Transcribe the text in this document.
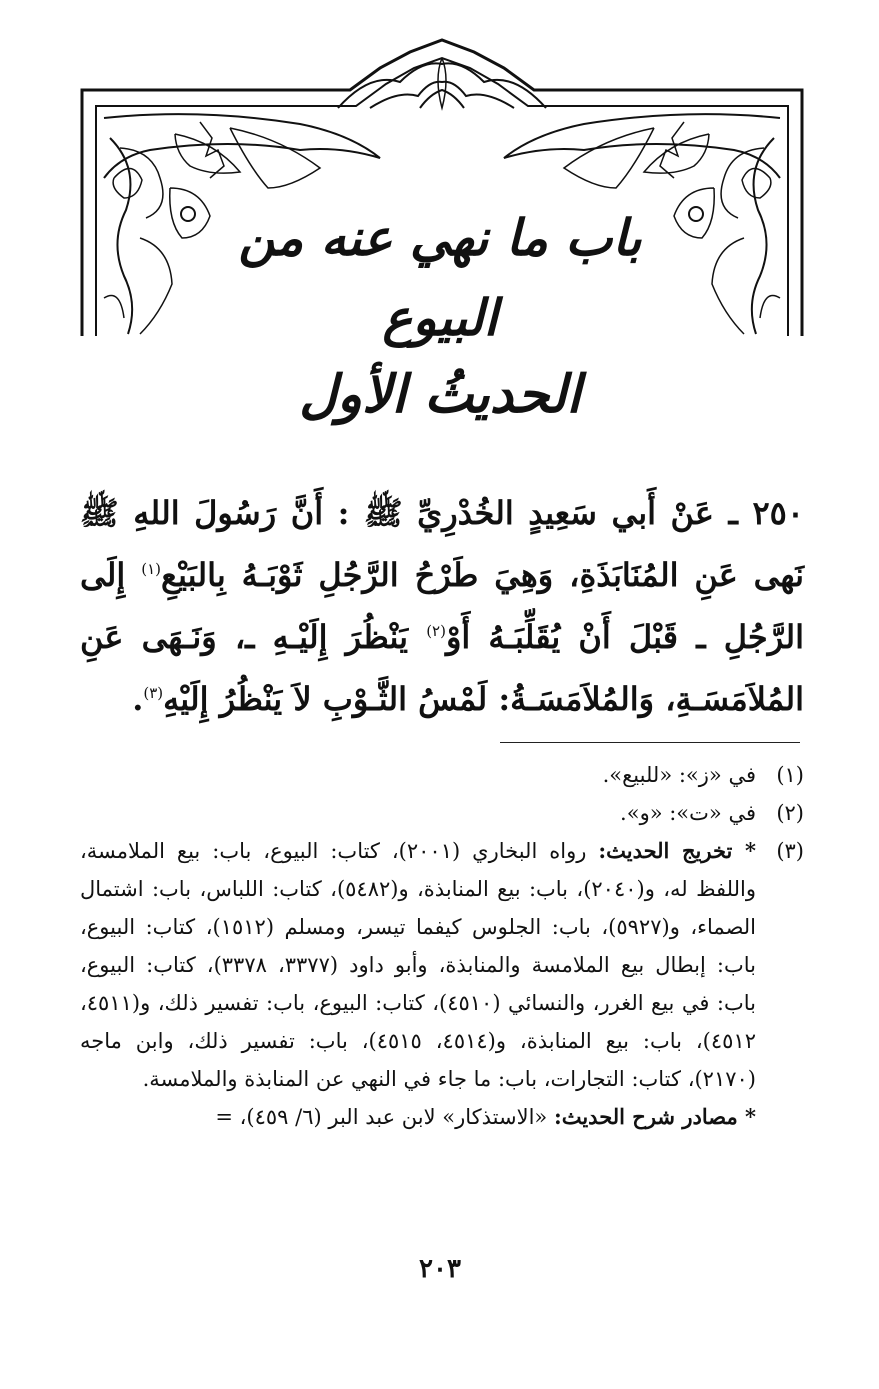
باب ما نهي عنه من البيوع
الحديثُ الأول
٢٥٠ ـ عَنْ أَبي سَعِيدٍ الخُدْرِيِّ ﷺ : أَنَّ رَسُولَ اللهِ ﷺ نَهى عَنِ المُنَابَذَةِ، وَهِيَ طَرْحُ الرَّجُلِ ثَوْبَـهُ بِالبَيْعِ$^{(١)}$ إِلَى الرَّجُلِ ـ قَبْلَ أَنْ يُقَلِّبَـهُ أَوْ$^{(٢)}$ يَنْظُرَ إِلَيْـهِ ـ، وَنَـهَى عَنِ المُلاَمَسَـةِ، وَالمُلاَمَسَـةُ: لَمْسُ الثَّـوْبِ لاَ يَنْظُرُ إِلَيْهِ$^{(٣)}$.
(١)
في «ز»: «للبيع».
(٢)
في «ت»: «و».
(٣)

* تخريج الحديث: رواه البخاري (٢٠٠١)، كتاب: البيوع، باب: بيع الملامسة، واللفظ له، و(٢٠٤٠)، باب: بيع المنابذة، و(٥٤٨٢)، كتاب: اللباس، باب: اشتمال الصماء، و(٥٩٢٧)، باب: الجلوس كيفما تيسر، ومسلم (١٥١٢)، كتاب: البيوع، باب: إبطال بيع الملامسة والمنابذة، وأبو داود (٣٣٧٧، ٣٣٧٨)، كتاب: البيوع، باب: في بيع الغرر، والنسائي (٤٥١٠)، كتاب: البيوع، باب: تفسير ذلك، و(٤٥١١، ٤٥١٢)، باب: بيع المنابذة، و(٤٥١٤، ٤٥١٥)، باب: تفسير ذلك، وابن ماجه (٢١٧٠)، كتاب: التجارات، باب: ما جاء في النهي عن المنابذة والملامسة.

* مصادر شرح الحديث: «الاستذكار» لابن عبد البر (٦/ ٤٥٩)، =

٢٠٣
